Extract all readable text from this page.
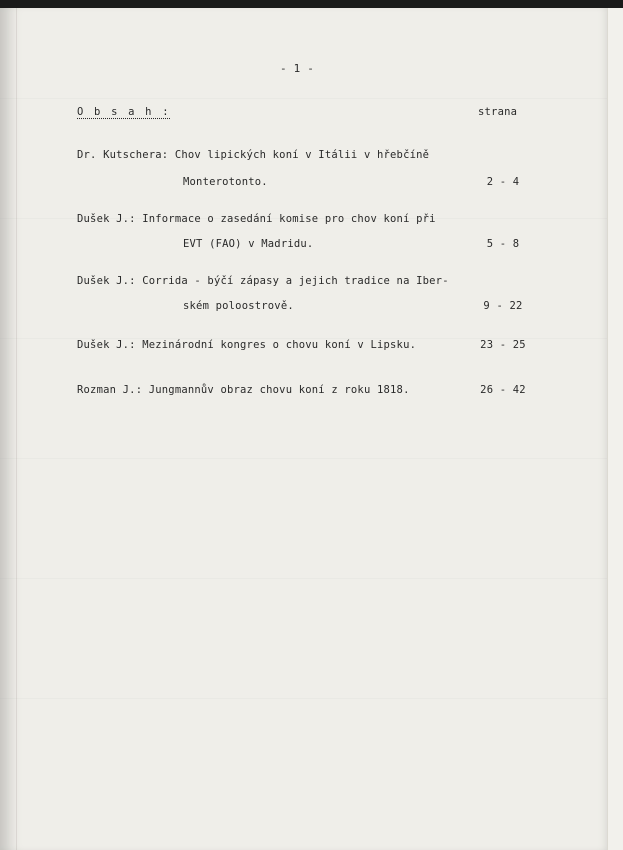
- 1 -
O b s a h :	strana
Dr. Kutschera: Chov lipických koní v Itálii v hřebčíně
Monterotonto.	2 - 4
Dušek J.: Informace o zasedání komise pro chov koní při
EVT (FAO) v Madridu.	5 - 8
Dušek J.: Corrida - býčí zápasy a jejich tradice na Iber-
ském poloostrově.	9 - 22
Dušek J.: Mezinárodní kongres o chovu koní v Lipsku.	23 - 25
Rozman J.: Jungmannův obraz chovu koní z roku 1818.	26 - 42
